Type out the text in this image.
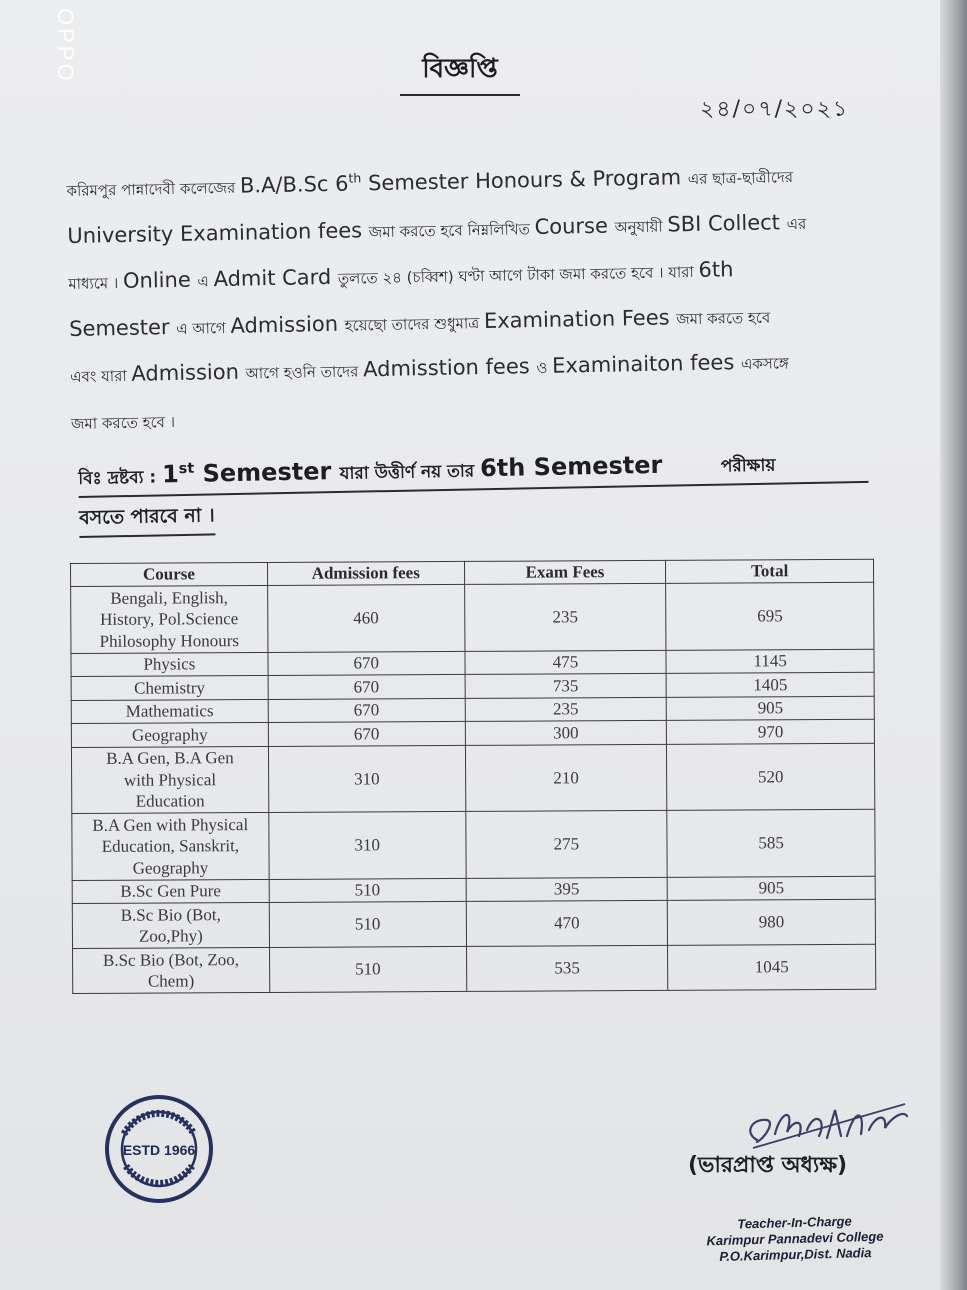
OPPO	বিজ্ঞপ্তি
২৪/০৭/২০২১
করিমপুর পান্নাদেবী কলেজের B.A/B.Sc 6th Semester Honours & Program এর ছাত্র-ছাত্রীদের
University Examination fees জমা করতে হবে নিম্নলিখিত Course অনুযায়ী SBI Collect এর
মাধ্যমে । Online এ Admit Card তুলতে ২৪ (চব্বিশ) ঘণ্টা আগে টাকা জমা করতে হবে । যারা 6th
Semester এ আগে Admission হয়েছো তাদের শুধুমাত্র Examination Fees জমা করতে হবে
এবং যারা Admission আগে হওনি তাদের Admisstion fees ও Examinaiton fees একসঙ্গে
জমা করতে হবে ।
বিঃ দ্রষ্টব্য : 1st Semester যারা উত্তীর্ণ নয় তার 6th Semester	পরীক্ষায়
বসতে পারবে না ।
Course	Admission fees	Exam Fees	Total
Bengali, English,
History, Pol.Science
Philosophy Honours	460	235	695
Physics	670	475	1145
Chemistry	670	735	1405
Mathematics	670	235	905
Geography	670	300	970
B.A Gen, B.A Gen
with Physical
Education	310	210	520
B.A Gen with Physical
Education, Sanskrit,
Geography	310	275	585
B.Sc Gen Pure	510	395	905
B.Sc Bio (Bot,
Zoo,Phy)	510	470	980
B.Sc Bio (Bot, Zoo,
Chem)	510	535	1045
ESTD 1966
(ভারপ্রাপ্ত অধ্যক্ষ)
Teacher-In-Charge
Karimpur Pannadevi College
P.O.Karimpur,Dist. Nadia
